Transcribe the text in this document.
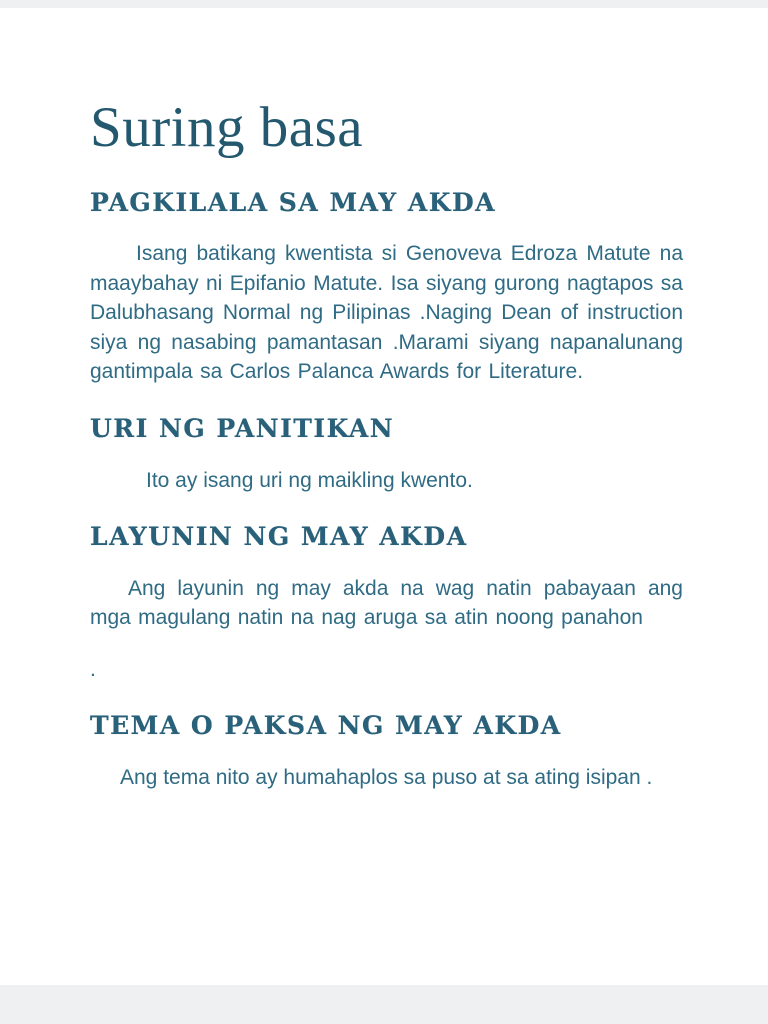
Suring basa
PAGKILALA SA MAY AKDA

Isang batikang kwentista si Genoveva Edroza Matute na maaybahay ni Epifanio Matute. Isa siyang gurong nagtapos sa Dalubhasang Normal ng Pilipinas .Naging Dean of instruction siya ng nasabing pamantasan .Marami siyang napanalunang gantimpala sa Carlos Palanca Awards for Literature.

URI NG PANITIKAN

Ito ay isang uri ng maikling kwento.

LAYUNIN NG MAY AKDA

Ang layunin ng may akda na wag natin pabayaan ang mga magulang natin na nag aruga sa atin noong panahon

.

TEMA O PAKSA NG MAY AKDA

Ang tema nito ay humahaplos sa puso at sa ating isipan .
